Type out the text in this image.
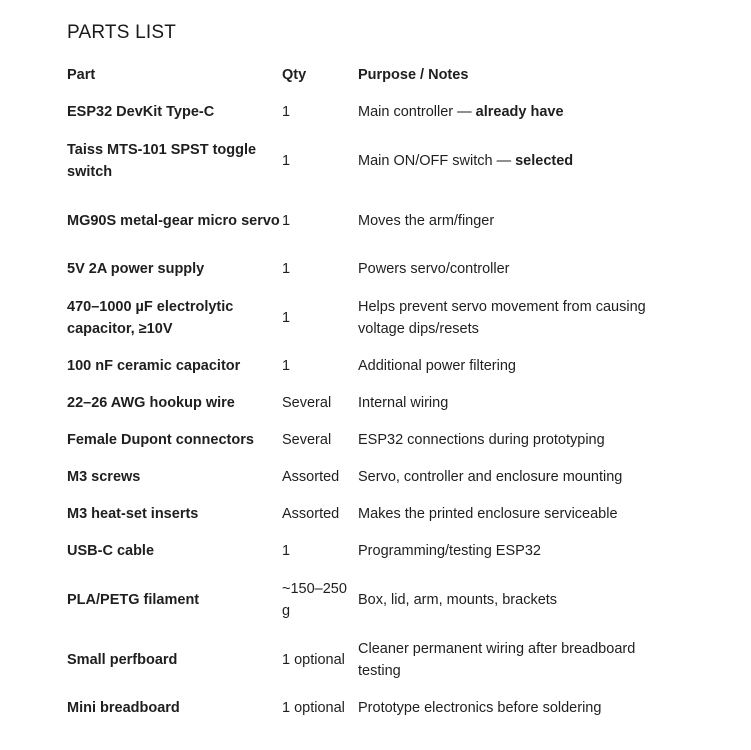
PARTS LIST
Part	Qty	Purpose / Notes
ESP32 DevKit Type-C	1	Main controller — already have
Taiss MTS-101 SPST toggle switch	1	Main ON/OFF switch — selected
MG90S metal-gear micro servo	1	Moves the arm/finger
5V 2A power supply	1	Powers servo/controller
470–1000 µF electrolytic capacitor, ≥10V	1	Helps prevent servo movement from causing voltage dips/resets
100 nF ceramic capacitor	1	Additional power filtering
22–26 AWG hookup wire	Several	Internal wiring
Female Dupont connectors	Several	ESP32 connections during prototyping
M3 screws	Assorted	Servo, controller and enclosure mounting
M3 heat-set inserts	Assorted	Makes the printed enclosure serviceable
USB-C cable	1	Programming/testing ESP32
PLA/PETG filament	~150–250 g	Box, lid, arm, mounts, brackets
Small perfboard	1 optional	Cleaner permanent wiring after breadboard testing
Mini breadboard	1 optional	Prototype electronics before soldering
